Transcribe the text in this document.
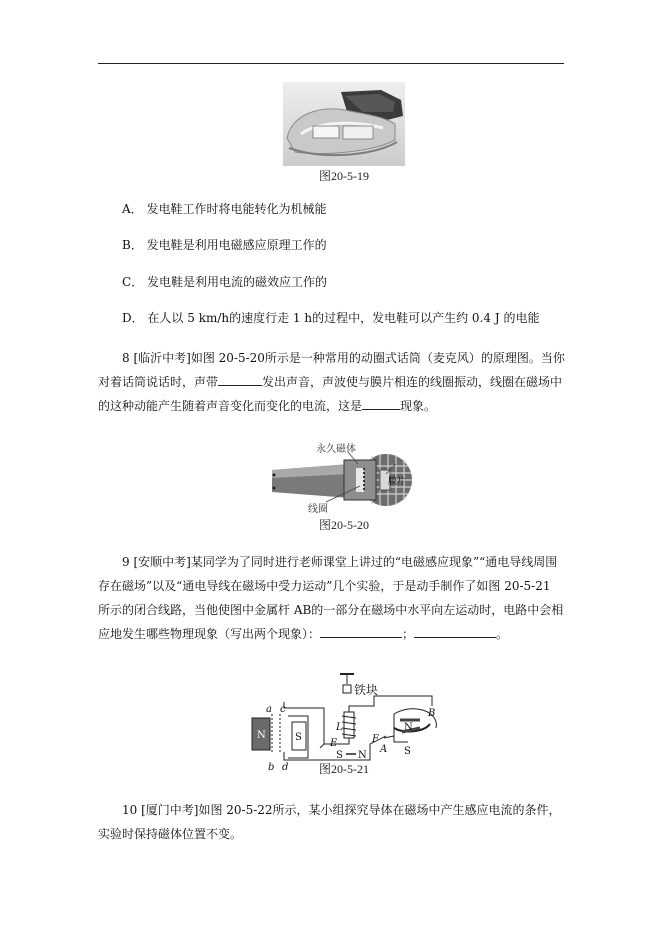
图20-5-19
A． 发电鞋工作时将电能转化为机械能
B． 发电鞋是利用电磁感应原理工作的
C． 发电鞋是利用电流的磁效应工作的
D． 在人以 5 km/h的速度行走 1 h的过程中，发电鞋可以产生约 0.4 J 的电能
8 [临沂中考]如图 20-5-20所示是一种常用的动圈式话筒（麦克风）的原理图。当你对着话筒说话时，声带	发出声音，声波使与膜片相连的线圈振动，线圈在磁场中的这种动能产生随着声音变化而变化的电流，这是	现象。
永久磁体
膜片
线圈
图20-5-20
9 [安顺中考]某同学为了同时进行老师课堂上讲过的“电磁感应现象”“通电导线周围存在磁场”以及“通电导线在磁场中受力运动”几个实验，于是动手制作了如图 20-5-21 所示的闭合线路，当他使图中金属杆 AB的一部分在磁场中水平向左运动时，电路中会相应地发生哪些物理现象（写出两个现象）：	；	。
铁块
N
a c
b d
S
L
E	F
S N
N
B
A S
图20-5-21
10 [厦门中考]如图 20-5-22所示，某小组探究导体在磁场中产生感应电流的条件，实验时保持磁体位置不变。
